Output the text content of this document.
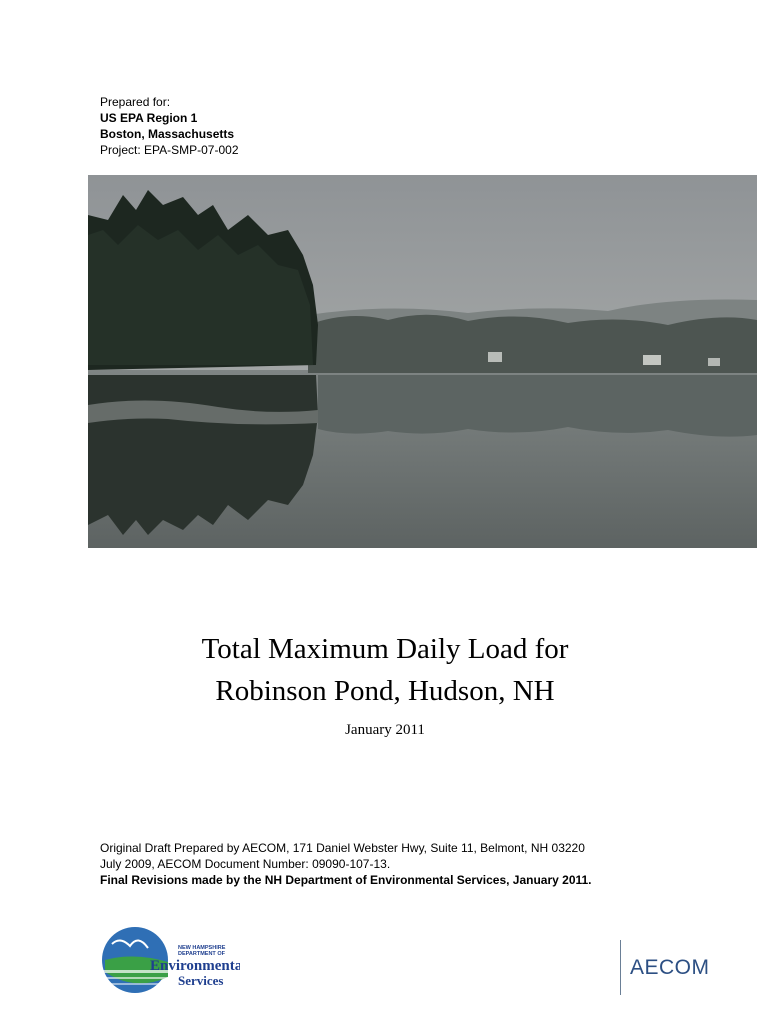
Prepared for:
US EPA Region 1
Boston, Massachusetts
Project: EPA-SMP-07-002
Total Maximum Daily Load for
Robinson Pond, Hudson, NH
January 2011
Original Draft Prepared by AECOM, 171 Daniel Webster Hwy, Suite 11, Belmont, NH 03220
July 2009, AECOM Document Number: 09090-107-13.
Final Revisions made by the NH Department of Environmental Services, January 2011.
NEW HAMPSHIRE
DEPARTMENT OF
Environmental
Services
AECOM
